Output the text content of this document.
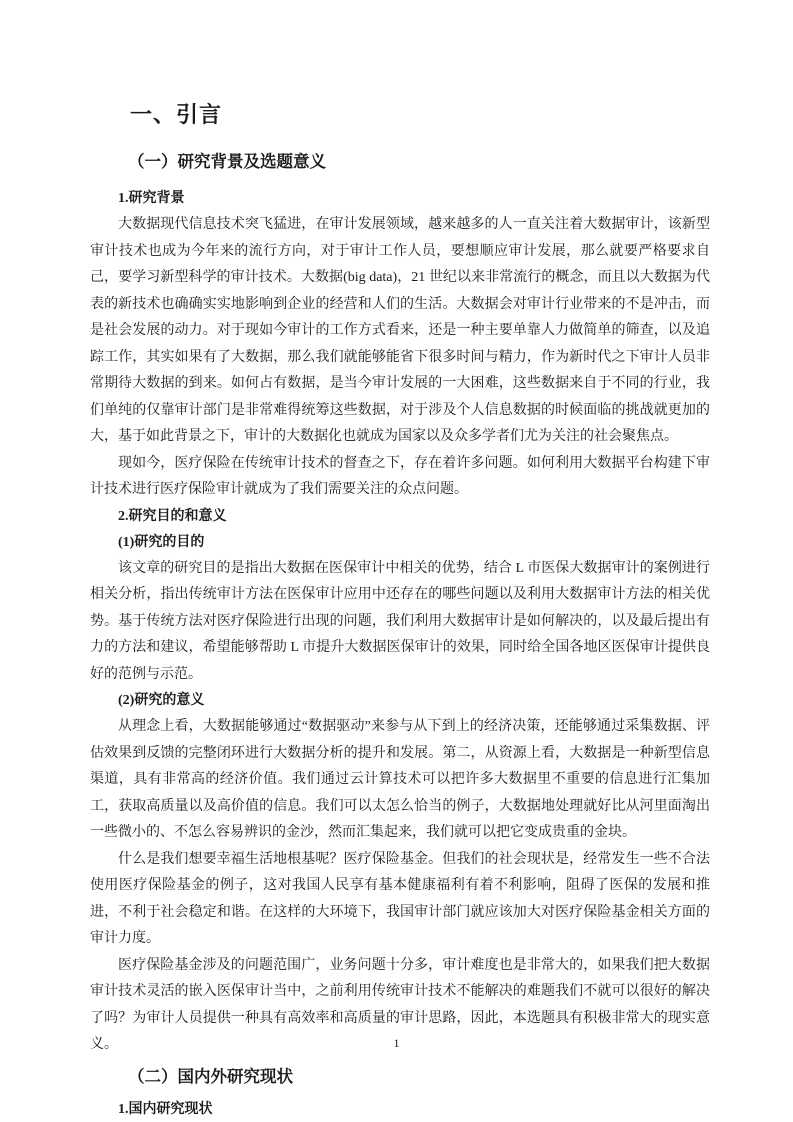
一、引言
（一）研究背景及选题意义
1.研究背景

大数据现代信息技术突飞猛进，在审计发展领域，越来越多的人一直关注着大数据审计，该新型审计技术也成为今年来的流行方向，对于审计工作人员，要想顺应审计发展，那么就要严格要求自己，要学习新型科学的审计技术。大数据(big data)，21 世纪以来非常流行的概念，而且以大数据为代表的新技术也确确实实地影响到企业的经营和人们的生活。大数据会对审计行业带来的不是冲击，而是社会发展的动力。对于现如今审计的工作方式看来，还是一种主要单靠人力做简单的筛查，以及追踪工作，其实如果有了大数据，那么我们就能够能省下很多时间与精力，作为新时代之下审计人员非常期待大数据的到来。如何占有数据，是当今审计发展的一大困难，这些数据来自于不同的行业，我们单纯的仅靠审计部门是非常难得统筹这些数据，对于涉及个人信息数据的时候面临的挑战就更加的大，基于如此背景之下，审计的大数据化也就成为国家以及众多学者们尤为关注的社会聚焦点。

现如今，医疗保险在传统审计技术的督查之下，存在着许多问题。如何利用大数据平台构建下审计技术进行医疗保险审计就成为了我们需要关注的众点问题。

2.研究目的和意义
(1)研究的目的

该文章的研究目的是指出大数据在医保审计中相关的优势，结合 L 市医保大数据审计的案例进行相关分析，指出传统审计方法在医保审计应用中还存在的哪些问题以及利用大数据审计方法的相关优势。基于传统方法对医疗保险进行出现的问题，我们利用大数据审计是如何解决的，以及最后提出有力的方法和建议，希望能够帮助 L 市提升大数据医保审计的效果，同时给全国各地区医保审计提供良好的范例与示范。

(2)研究的意义

从理念上看，大数据能够通过“数据驱动”来参与从下到上的经济决策，还能够通过采集数据、评估效果到反馈的完整闭环进行大数据分析的提升和发展。第二，从资源上看，大数据是一种新型信息渠道，具有非常高的经济价值。我们通过云计算技术可以把许多大数据里不重要的信息进行汇集加工，获取高质量以及高价值的信息。我们可以太怎么恰当的例子，大数据地处理就好比从河里面淘出一些微小的、不怎么容易辨识的金沙，然而汇集起来，我们就可以把它变成贵重的金块。

什么是我们想要幸福生活地根基呢？医疗保险基金。但我们的社会现状是，经常发生一些不合法使用医疗保险基金的例子，这对我国人民享有基本健康福利有着不利影响，阻碍了医保的发展和推进，不利于社会稳定和谐。在这样的大环境下，我国审计部门就应该加大对医疗保险基金相关方面的审计力度。

医疗保险基金涉及的问题范围广，业务问题十分多，审计难度也是非常大的，如果我们把大数据审计技术灵活的嵌入医保审计当中，之前利用传统审计技术不能解决的难题我们不就可以很好的解决了吗？为审计人员提供一种具有高效率和高质量的审计思路，因此，本选题具有积极非常大的现实意义。

（二）国内外研究现状
1.国内研究现状
1
